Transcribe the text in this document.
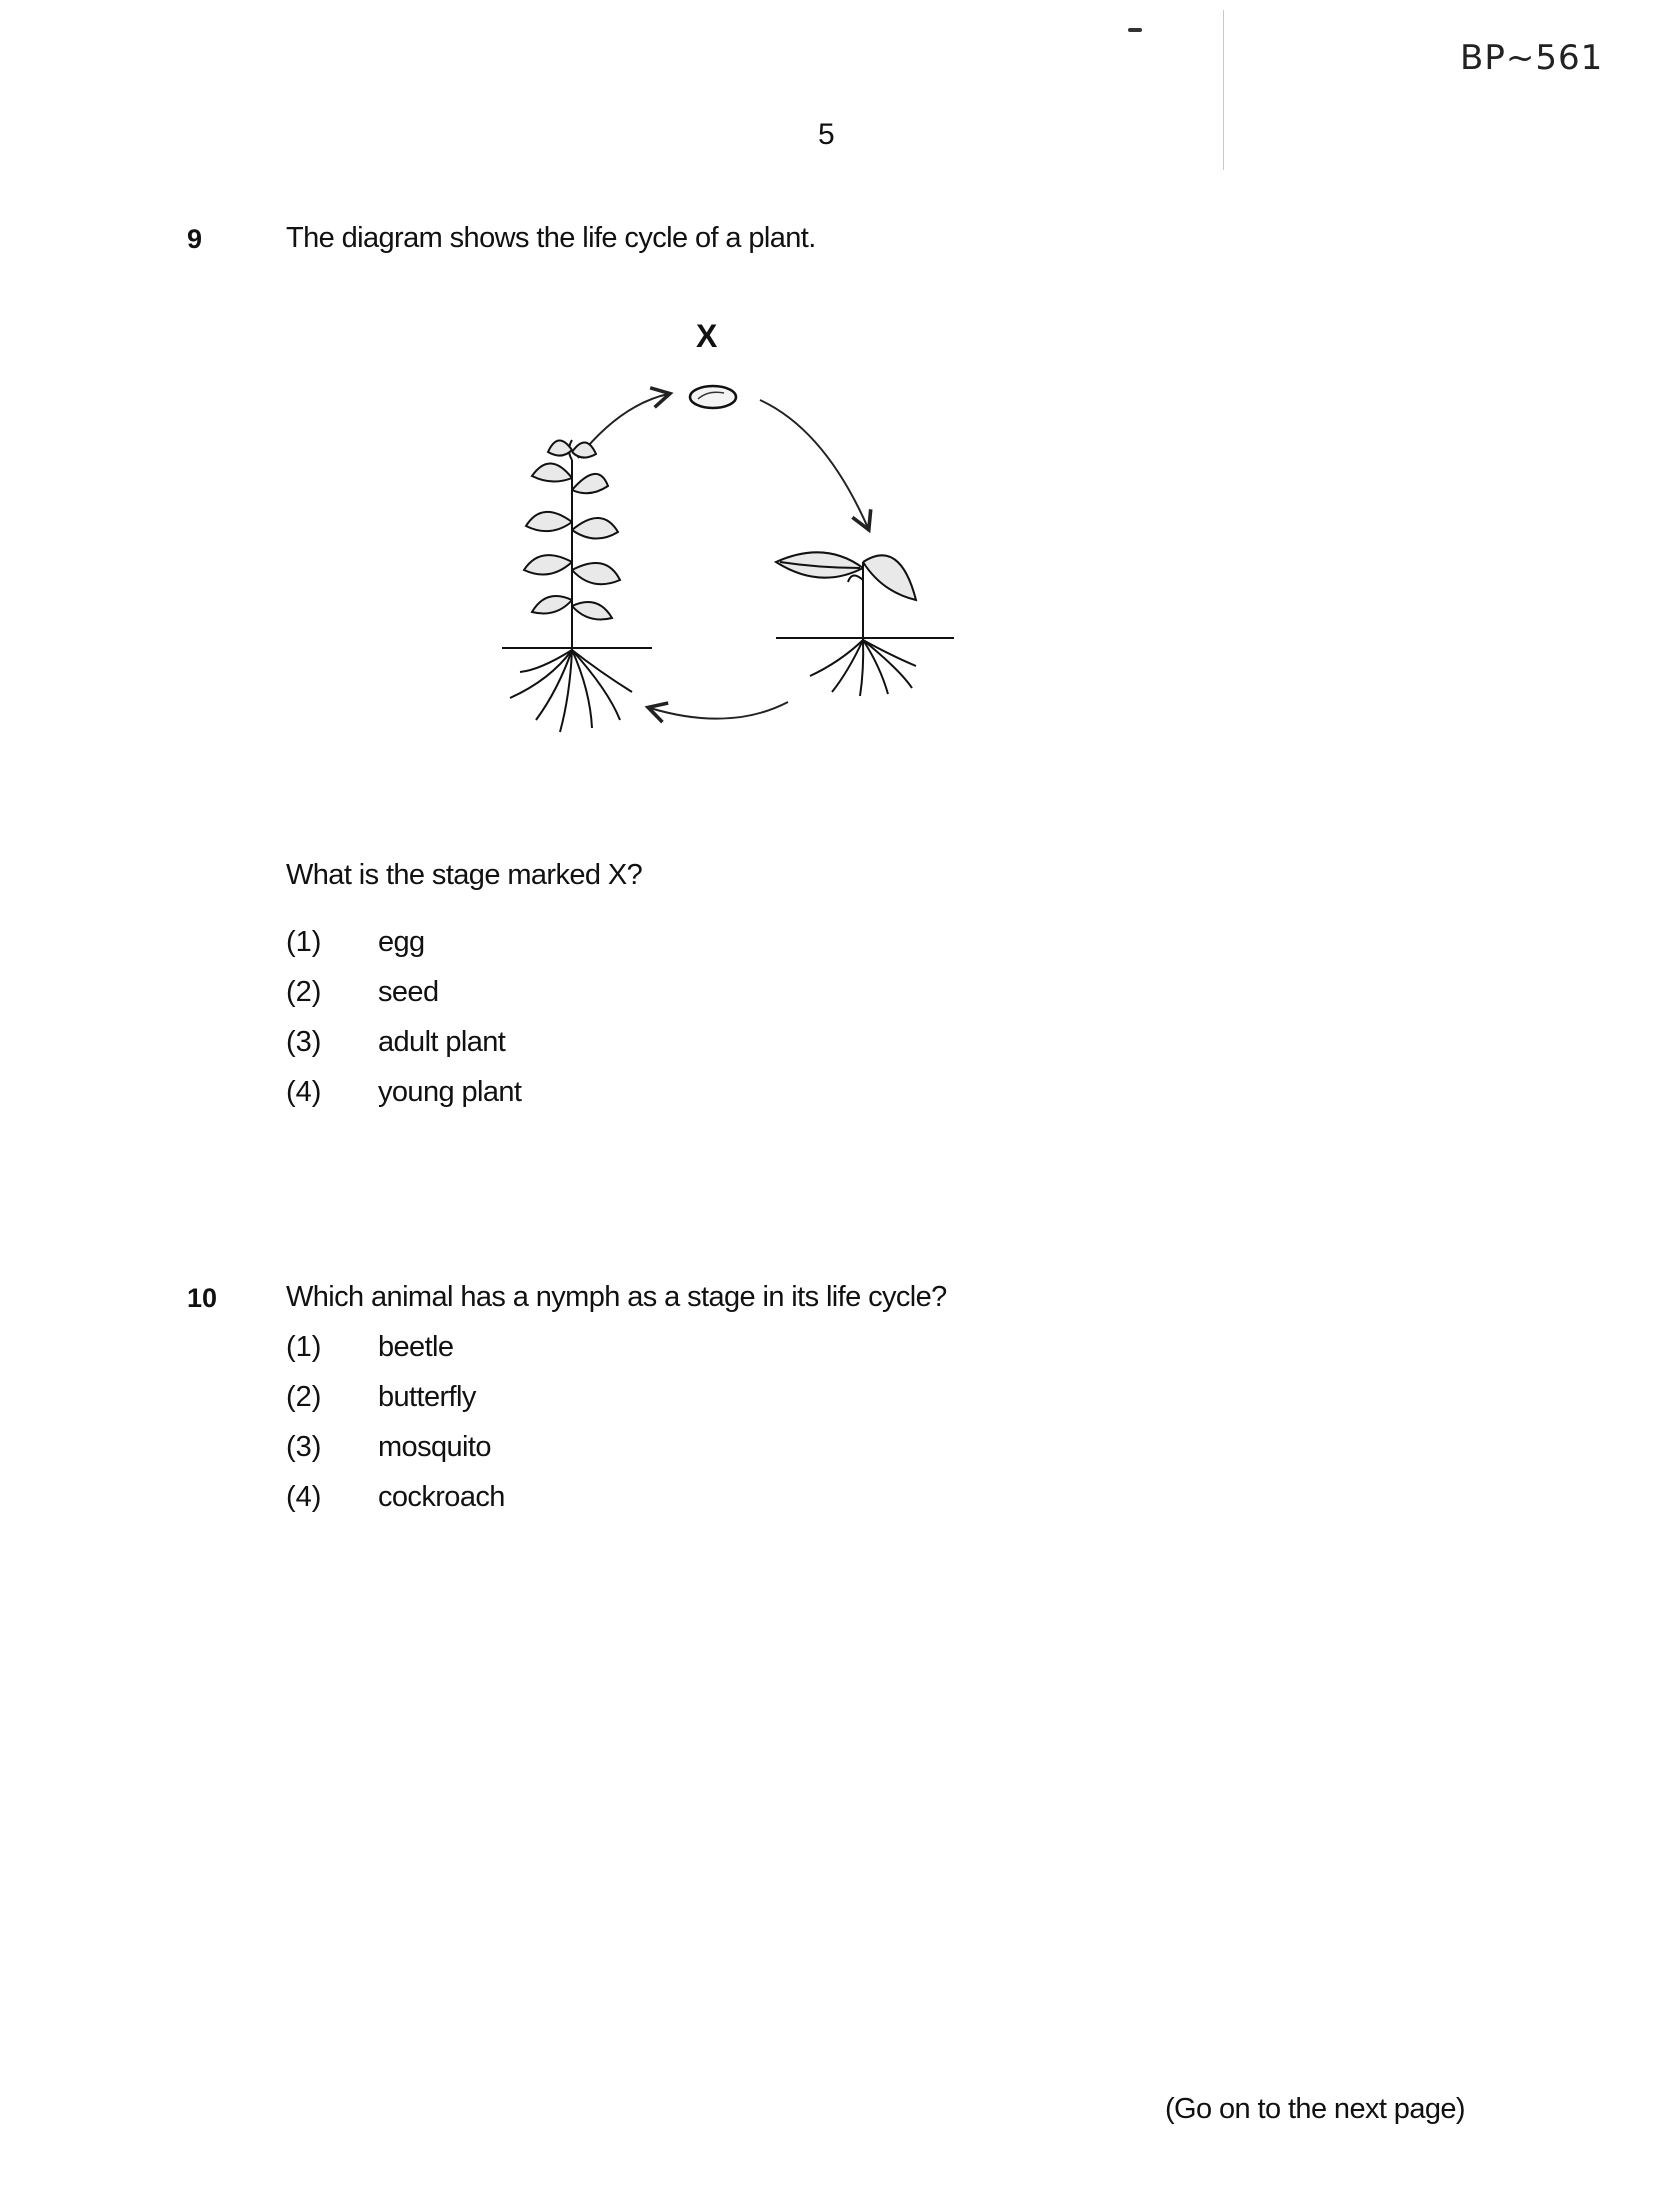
BP~561
5
9	The diagram shows the life cycle of a plant.
X
What is the stage marked X?
(1) egg
(2) seed
(3) adult plant
(4) young plant
10 Which animal has a nymph as a stage in its life cycle?
(1) beetle
(2) butterfly
(3) mosquito
(4) cockroach
(Go on to the next page)
